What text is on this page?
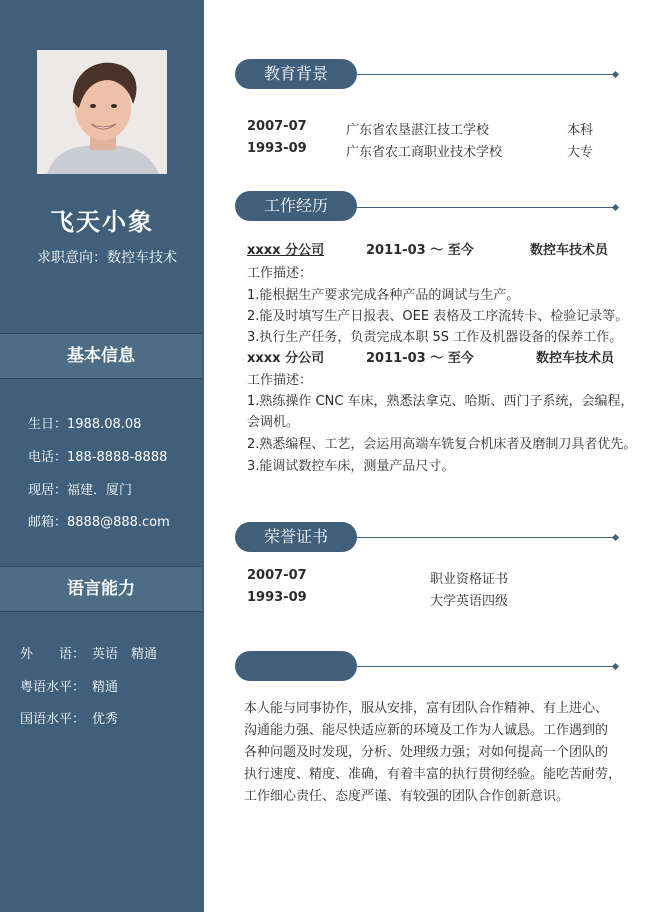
飞天小象
求职意向：数控车技术
基本信息
生日：1988.08.08
电话：188-8888-8888
现居：福建．厦门
邮箱：8888@888.com
语言能力
外　　语： 英语　精通
粤语水平： 精通
国语水平： 优秀
教育背景
2007-07	广东省农垦湛江技工学校	本科
1993-09	广东省农工商职业技术学校	大专
工作经历
xxxx 分公司	2011-03 ～ 至今	数控车技术员
工作描述：
1.能根据生产要求完成各种产品的调试与生产。
2.能及时填写生产日报表、OEE 表格及工序流转卡、检验记录等。
3.执行生产任务，负责完成本职 5S 工作及机器设备的保养工作。
xxxx 分公司	2011-03 ～ 至今	数控车技术员
工作描述：
1.熟练操作 CNC 车床，熟悉法拿克、哈斯、西门子系统，会编程，
会调机。
2.熟悉编程、工艺，会运用高端车铣复合机床者及磨制刀具者优先。
3.能调试数控车床，测量产品尺寸。
荣誉证书
2007-07	职业资格证书
1993-09	大学英语四级
本人能与同事协作，服从安排，富有团队合作精神、有上进心、
沟通能力强、能尽快适应新的环境及工作为人诚恳。工作遇到的
各种问题及时发现，分析、处理级力强；对如何提高一个团队的
执行速度、精度、准确，有着丰富的执行贯彻经验。能吃苦耐劳，
工作细心责任、态度严谨、有较强的团队合作创新意识。
